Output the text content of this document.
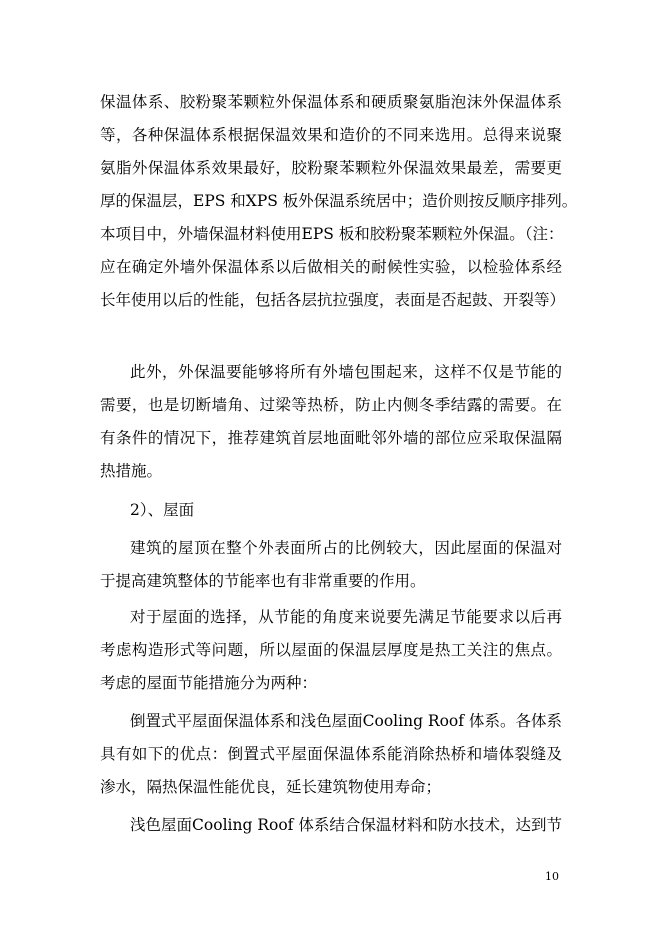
保温体系、胶粉聚苯颗粒外保温体系和硬质聚氨脂泡沫外保温体系
等，各种保温体系根据保温效果和造价的不同来选用。总得来说聚
氨脂外保温体系效果最好，胶粉聚苯颗粒外保温效果最差，需要更
厚的保温层，EPS 和XPS 板外保温系统居中；造价则按反顺序排列。
本项目中，外墙保温材料使用EPS 板和胶粉聚苯颗粒外保温。（注：
应在确定外墙外保温体系以后做相关的耐候性实验，以检验体系经
长年使用以后的性能，包括各层抗拉强度，表面是否起鼓、开裂等）
此外，外保温要能够将所有外墙包围起来，这样不仅是节能的
需要，也是切断墙角、过梁等热桥，防止内侧冬季结露的需要。在
有条件的情况下，推荐建筑首层地面毗邻外墙的部位应采取保温隔
热措施。
2）、屋面
建筑的屋顶在整个外表面所占的比例较大，因此屋面的保温对
于提高建筑整体的节能率也有非常重要的作用。
对于屋面的选择，从节能的角度来说要先满足节能要求以后再
考虑构造形式等问题，所以屋面的保温层厚度是热工关注的焦点。
考虑的屋面节能措施分为两种：
倒置式平屋面保温体系和浅色屋面Cooling Roof 体系。各体系
具有如下的优点：倒置式平屋面保温体系能消除热桥和墙体裂缝及
渗水，隔热保温性能优良，延长建筑物使用寿命；
浅色屋面Cooling Roof 体系结合保温材料和防水技术，达到节
10
